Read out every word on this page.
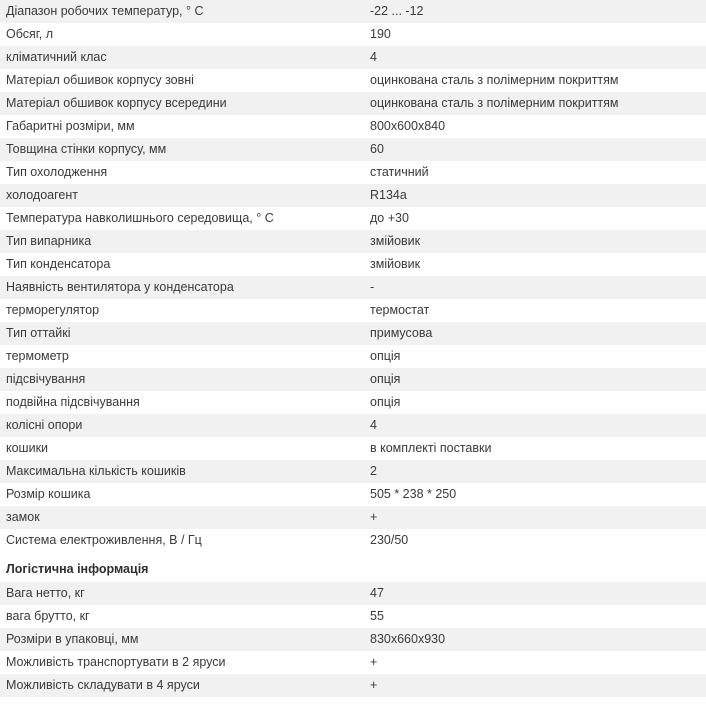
Діапазон робочих температур, ° C	-22 ... -12
Обсяг, л	190
кліматичний клас	4
Матеріал обшивок корпусу зовні	оцинкована сталь з полімерним покриттям
Матеріал обшивок корпусу всередини	оцинкована сталь з полімерним покриттям
Габаритні розміри, мм	800x600x840
Товщина стінки корпусу, мм	60
Тип охолодження	статичний
холодоагент	R134a
Температура навколишнього середовища, ° C	до +30
Тип випарника	змійовик
Тип конденсатора	змійовик
Наявність вентилятора у конденсатора	-
терморегулятор	термостат
Тип оттайкі	примусова
термометр	опція
підсвічування	опція
подвійна підсвічування	опція
колісні опори	4
кошики	в комплекті поставки
Максимальна кількість кошиків	2
Розмір кошика	505 * 238 * 250
замок	+
Система електроживлення, В / Гц	230/50
Логістична інформація	
Вага нетто, кг	47
вага брутто, кг	55
Розміри в упаковці, мм	830x660x930
Можливість транспортувати в 2 яруси	+
Можливість складувати в 4 яруси	+
